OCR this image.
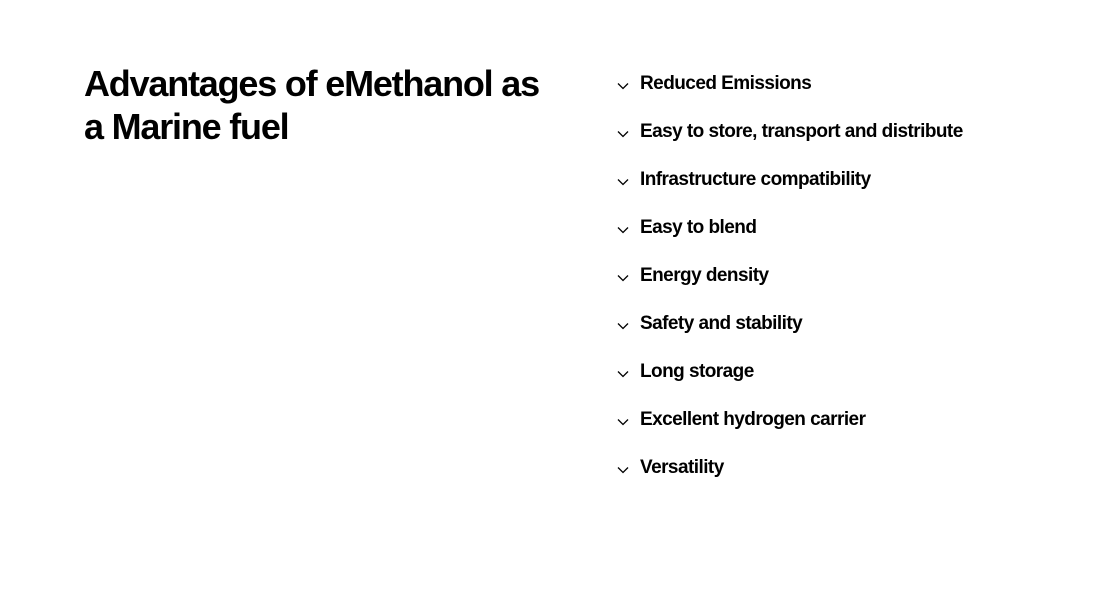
Advantages of eMethanol as
a Marine fuel
Reduced Emissions
Easy to store, transport and distribute
Infrastructure compatibility
Easy to blend
Energy density
Safety and stability
Long storage
Excellent hydrogen carrier
Versatility
